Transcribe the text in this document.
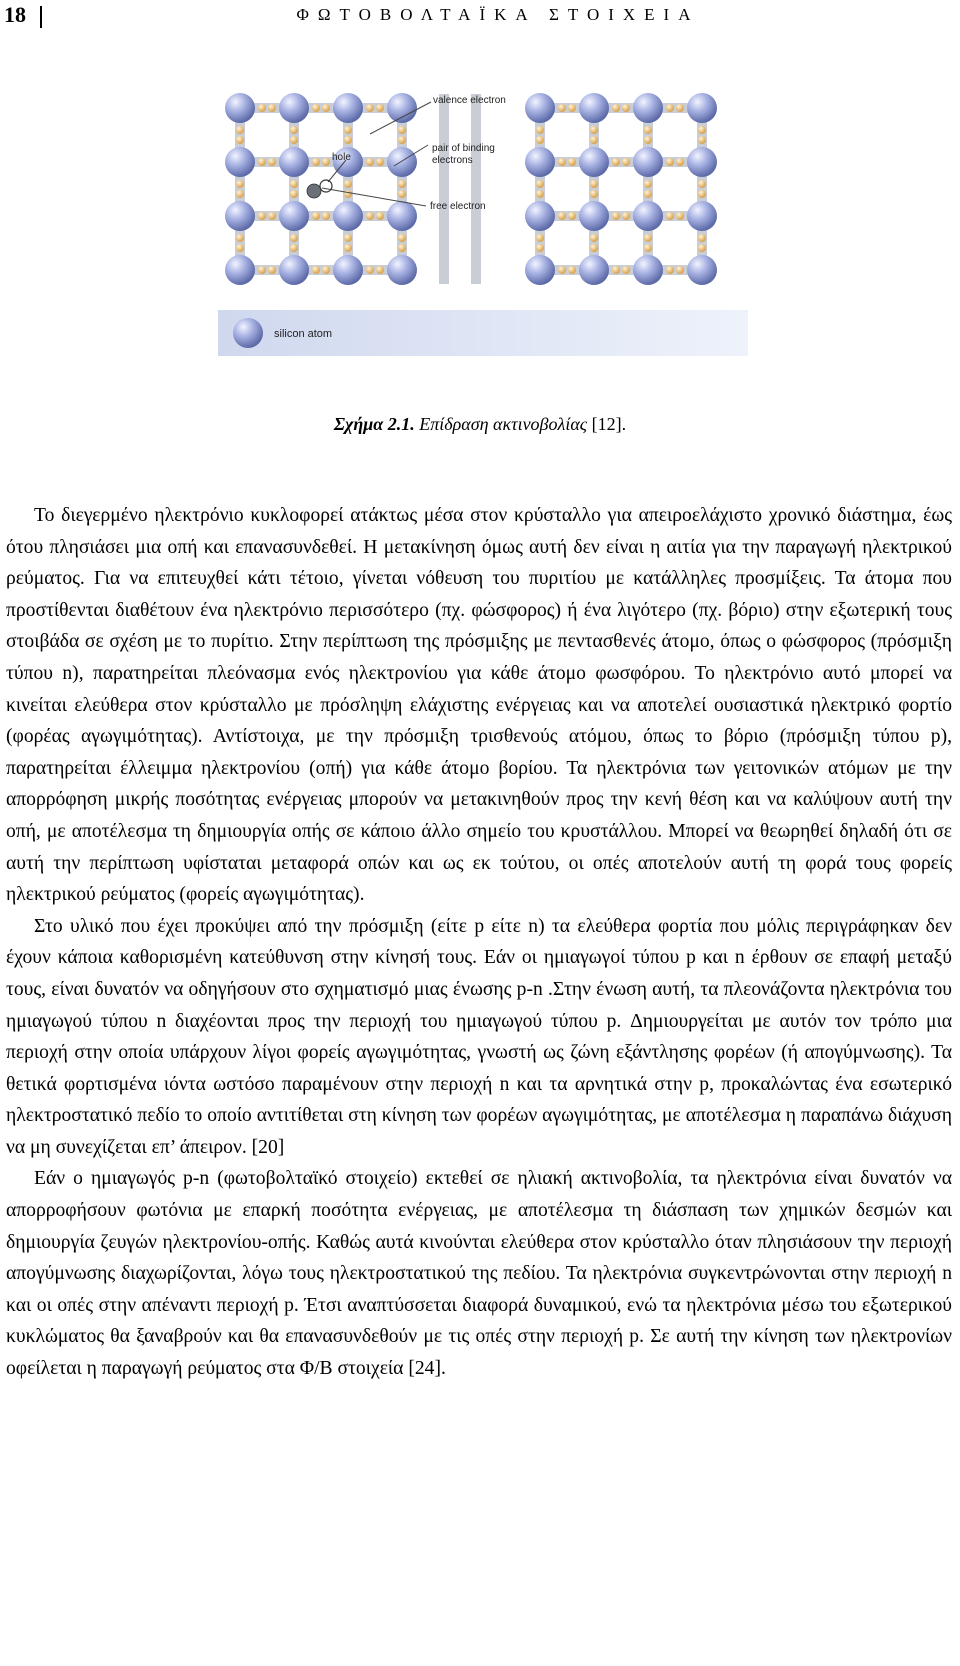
18	ΦΩΤΟΒΟΛΤΑΪΚΑ ΣΤΟΙΧΕΙΑ
valence electron
hole
pair of binding
electrons
free electron
silicon atom
Σχήμα 2.1. Επίδραση ακτινοβολίας [12].

Το διεγερμένο ηλεκτρόνιο κυκλοφορεί ατάκτως μέσα στον κρύσταλλο για απειροελάχιστο χρονικό διάστημα, έως ότου πλησιάσει μια οπή και επανασυνδεθεί. Η μετακίνηση όμως αυτή δεν είναι η αιτία για την παραγωγή ηλεκτρικού ρεύματος. Για να επιτευχθεί κάτι τέτοιο, γίνεται νόθευση του πυριτίου με κατάλληλες προσμίξεις. Τα άτομα που προστίθενται διαθέτουν ένα ηλεκτρόνιο περισσότερο (πχ. φώσφορος) ή ένα λιγότερο (πχ. βόριο) στην εξωτερική τους στοιβάδα σε σχέση με το πυρίτιο. Στην περίπτωση της πρόσμιξης με πεντασθενές άτομο, όπως ο φώσφορος (πρόσμιξη τύπου n), παρατηρείται πλεόνασμα ενός ηλεκτρονίου για κάθε άτομο φωσφόρου. Το ηλεκτρόνιο αυτό μπορεί να κινείται ελεύθερα στον κρύσταλλο με πρόσληψη ελάχιστης ενέργειας και να αποτελεί ουσιαστικά ηλεκτρικό φορτίο (φορέας αγωγιμότητας). Αντίστοιχα, με την πρόσμιξη τρισθενούς ατόμου, όπως το βόριο (πρόσμιξη τύπου p), παρατηρείται έλλειμμα ηλεκτρονίου (οπή) για κάθε άτομο βορίου. Τα ηλεκτρόνια των γειτονικών ατόμων με την απορρόφηση μικρής ποσότητας ενέργειας μπορούν να μετακινηθούν προς την κενή θέση και να καλύψουν αυτή την οπή, με αποτέλεσμα τη δημιουργία οπής σε κάποιο άλλο σημείο του κρυστάλλου. Μπορεί να θεωρηθεί δηλαδή ότι σε αυτή την περίπτωση υφίσταται μεταφορά οπών και ως εκ τούτου, οι οπές αποτελούν αυτή τη φορά τους φορείς ηλεκτρικού ρεύματος (φορείς αγωγιμότητας).

Στο υλικό που έχει προκύψει από την πρόσμιξη (είτε p είτε n) τα ελεύθερα φορτία που μόλις περιγράφηκαν δεν έχουν κάποια καθορισμένη κατεύθυνση στην κίνησή τους. Εάν οι ημιαγωγοί τύπου p και n έρθουν σε επαφή μεταξύ τους, είναι δυνατόν να οδηγήσουν στο σχηματισμό μιας ένωσης p-n .Στην ένωση αυτή, τα πλεονάζοντα ηλεκτρόνια του ημιαγωγού τύπου n διαχέονται προς την περιοχή του ημιαγωγού τύπου p. Δημιουργείται με αυτόν τον τρόπο μια περιοχή στην οποία υπάρχουν λίγοι φορείς αγωγιμότητας, γνωστή ως ζώνη εξάντλησης φορέων (ή απογύμνωσης). Τα θετικά φορτισμένα ιόντα ωστόσο παραμένουν στην περιοχή n και τα αρνητικά στην p, προκαλώντας ένα εσωτερικό ηλεκτροστατικό πεδίο το οποίο αντιτίθεται στη κίνηση των φορέων αγωγιμότητας, με αποτέλεσμα η παραπάνω διάχυση να μη συνεχίζεται επ’ άπειρον. [20]

Εάν ο ημιαγωγός p-n (φωτοβολταϊκό στοιχείο) εκτεθεί σε ηλιακή ακτινοβολία, τα ηλεκτρόνια είναι δυνατόν να απορροφήσουν φωτόνια με επαρκή ποσότητα ενέργειας, με αποτέλεσμα τη διάσπαση των χημικών δεσμών και δημιουργία ζευγών ηλεκτρονίου-οπής. Καθώς αυτά κινούνται ελεύθερα στον κρύσταλλο όταν πλησιάσουν την περιοχή απογύμνωσης διαχωρίζονται, λόγω τους ηλεκτροστατικού της πεδίου. Τα ηλεκτρόνια συγκεντρώνονται στην περιοχή n και οι οπές στην απέναντι περιοχή p. Έτσι αναπτύσσεται διαφορά δυναμικού, ενώ τα ηλεκτρόνια μέσω του εξωτερικού κυκλώματος θα ξαναβρούν και θα επανασυνδεθούν με τις οπές στην περιοχή p. Σε αυτή την κίνηση των ηλεκτρονίων οφείλεται η παραγωγή ρεύματος στα Φ/Β στοιχεία [24].
